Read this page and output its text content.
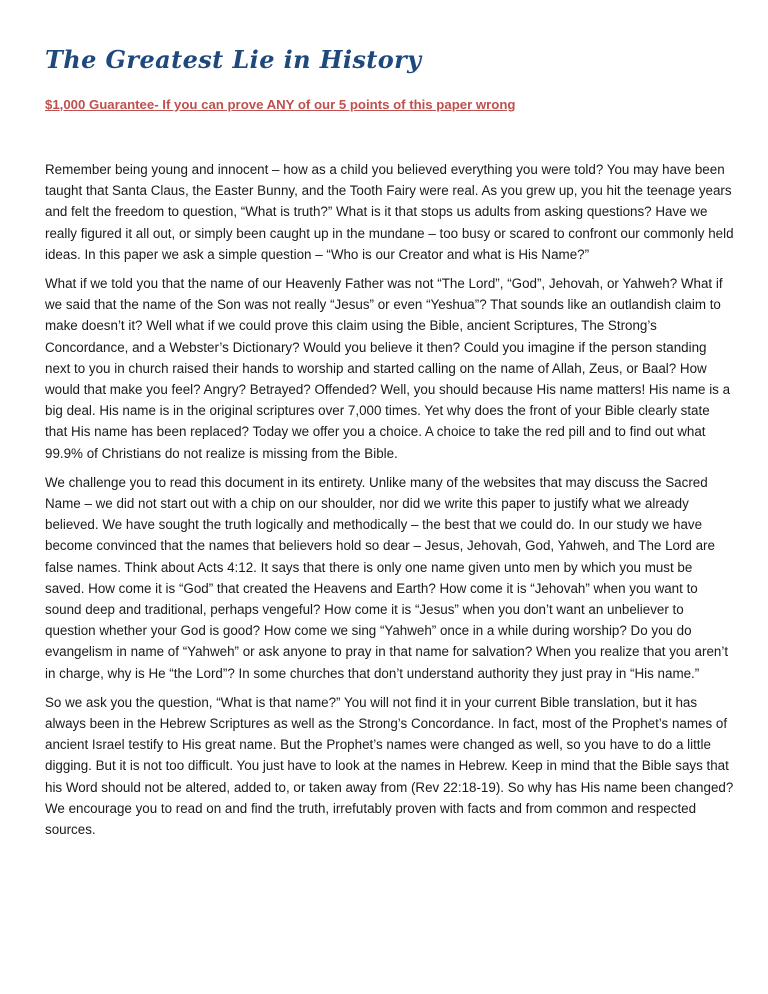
The Greatest Lie in History

$1,000 Guarantee- If you can prove ANY of our 5 points of this paper wrong

Remember being young and innocent – how as a child you believed everything you were told? You may have been taught that Santa Claus, the Easter Bunny, and the Tooth Fairy were real. As you grew up, you hit the teenage years and felt the freedom to question, “What is truth?” What is it that stops us adults from asking questions? Have we really figured it all out, or simply been caught up in the mundane – too busy or scared to confront our commonly held ideas. In this paper we ask a simple question – “Who is our Creator and what is His Name?”

What if we told you that the name of our Heavenly Father was not “The Lord”, “God”, Jehovah, or Yahweh? What if we said that the name of the Son was not really “Jesus” or even “Yeshua”? That sounds like an outlandish claim to make doesn’t it? Well what if we could prove this claim using the Bible, ancient Scriptures, The Strong’s Concordance, and a Webster’s Dictionary? Would you believe it then? Could you imagine if the person standing next to you in church raised their hands to worship and started calling on the name of Allah, Zeus, or Baal? How would that make you feel? Angry? Betrayed? Offended? Well, you should because His name matters! His name is a big deal. His name is in the original scriptures over 7,000 times. Yet why does the front of your Bible clearly state that His name has been replaced? Today we offer you a choice. A choice to take the red pill and to find out what 99.9% of Christians do not realize is missing from the Bible.

We challenge you to read this document in its entirety. Unlike many of the websites that may discuss the Sacred Name – we did not start out with a chip on our shoulder, nor did we write this paper to justify what we already believed. We have sought the truth logically and methodically – the best that we could do. In our study we have become convinced that the names that believers hold so dear – Jesus, Jehovah, God, Yahweh, and The Lord are false names. Think about Acts 4:12. It says that there is only one name given unto men by which you must be saved. How come it is “God” that created the Heavens and Earth? How come it is “Jehovah” when you want to sound deep and traditional, perhaps vengeful? How come it is “Jesus” when you don’t want an unbeliever to question whether your God is good? How come we sing “Yahweh” once in a while during worship? Do you do evangelism in name of “Yahweh” or ask anyone to pray in that name for salvation? When you realize that you aren’t in charge, why is He “the Lord”? In some churches that don’t understand authority they just pray in “His name.”

So we ask you the question, “What is that name?” You will not find it in your current Bible translation, but it has always been in the Hebrew Scriptures as well as the Strong’s Concordance. In fact, most of the Prophet’s names of ancient Israel testify to His great name. But the Prophet’s names were changed as well, so you have to do a little digging. But it is not too difficult. You just have to look at the names in Hebrew. Keep in mind that the Bible says that his Word should not be altered, added to, or taken away from (Rev 22:18-19). So why has His name been changed? We encourage you to read on and find the truth, irrefutably proven with facts and from common and respected sources.
